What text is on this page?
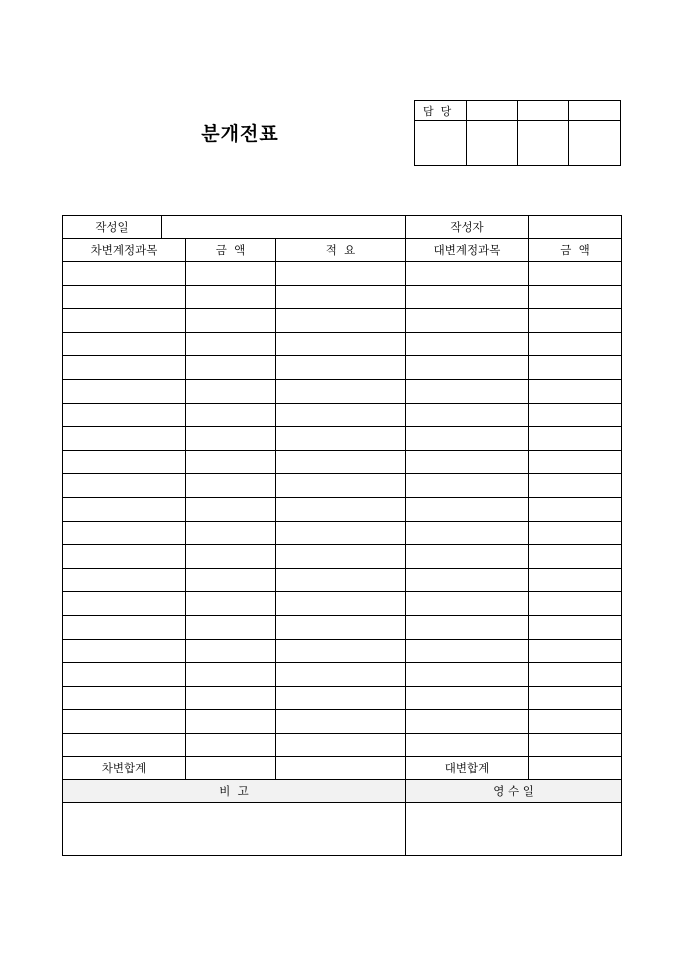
분개전표
담  당			

작성일				작성자	
차변계정과목		금  액	적  요	대변계정과목	금  액

차변합계				대변합계	
비  고				영 수 일	
